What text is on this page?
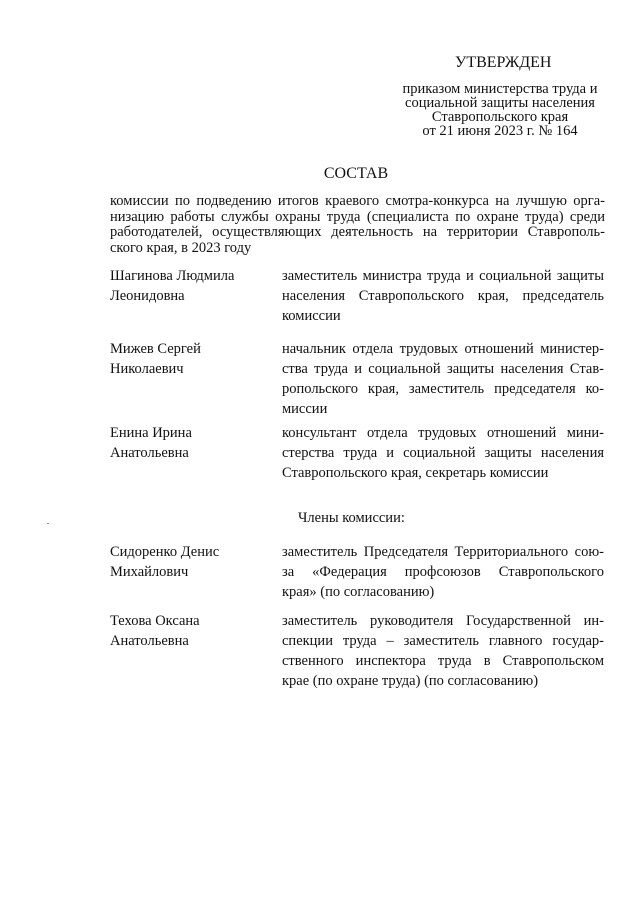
УТВЕРЖДЕН
приказом министерства труда и
социальной защиты населения
Ставропольского края
от 21 июня 2023 г. № 164
СОСТАВ
комиссии по подведению итогов краевого смотра-конкурса на лучшую орга-
низацию работы службы охраны труда (специалиста по охране труда) среди
работодателей, осуществляющих деятельность на территории Ставрополь-
ского края, в 2023 году
Шагинова Людмила
Леонидовна
заместитель министра труда и социальной защиты
населения Ставропольского края, председатель
комиссии
Мижев Сергей
Николаевич
начальник отдела трудовых отношений министер-
ства труда и социальной защиты населения Став-
ропольского края, заместитель председателя ко-
миссии
Енина Ирина
Анатольевна
консультант отдела трудовых отношений мини-
стерства труда и социальной защиты населения
Ставропольского края, секретарь комиссии
Члены комиссии:
Сидоренко Денис
Михайлович
заместитель Председателя Территориального сою-
за «Федерация профсоюзов Ставропольского
края» (по согласованию)
Техова Оксана
Анатольевна
заместитель руководителя Государственной ин-
спекции труда – заместитель главного государ-
ственного инспектора труда в Ставропольском
крае (по охране труда) (по согласованию)
